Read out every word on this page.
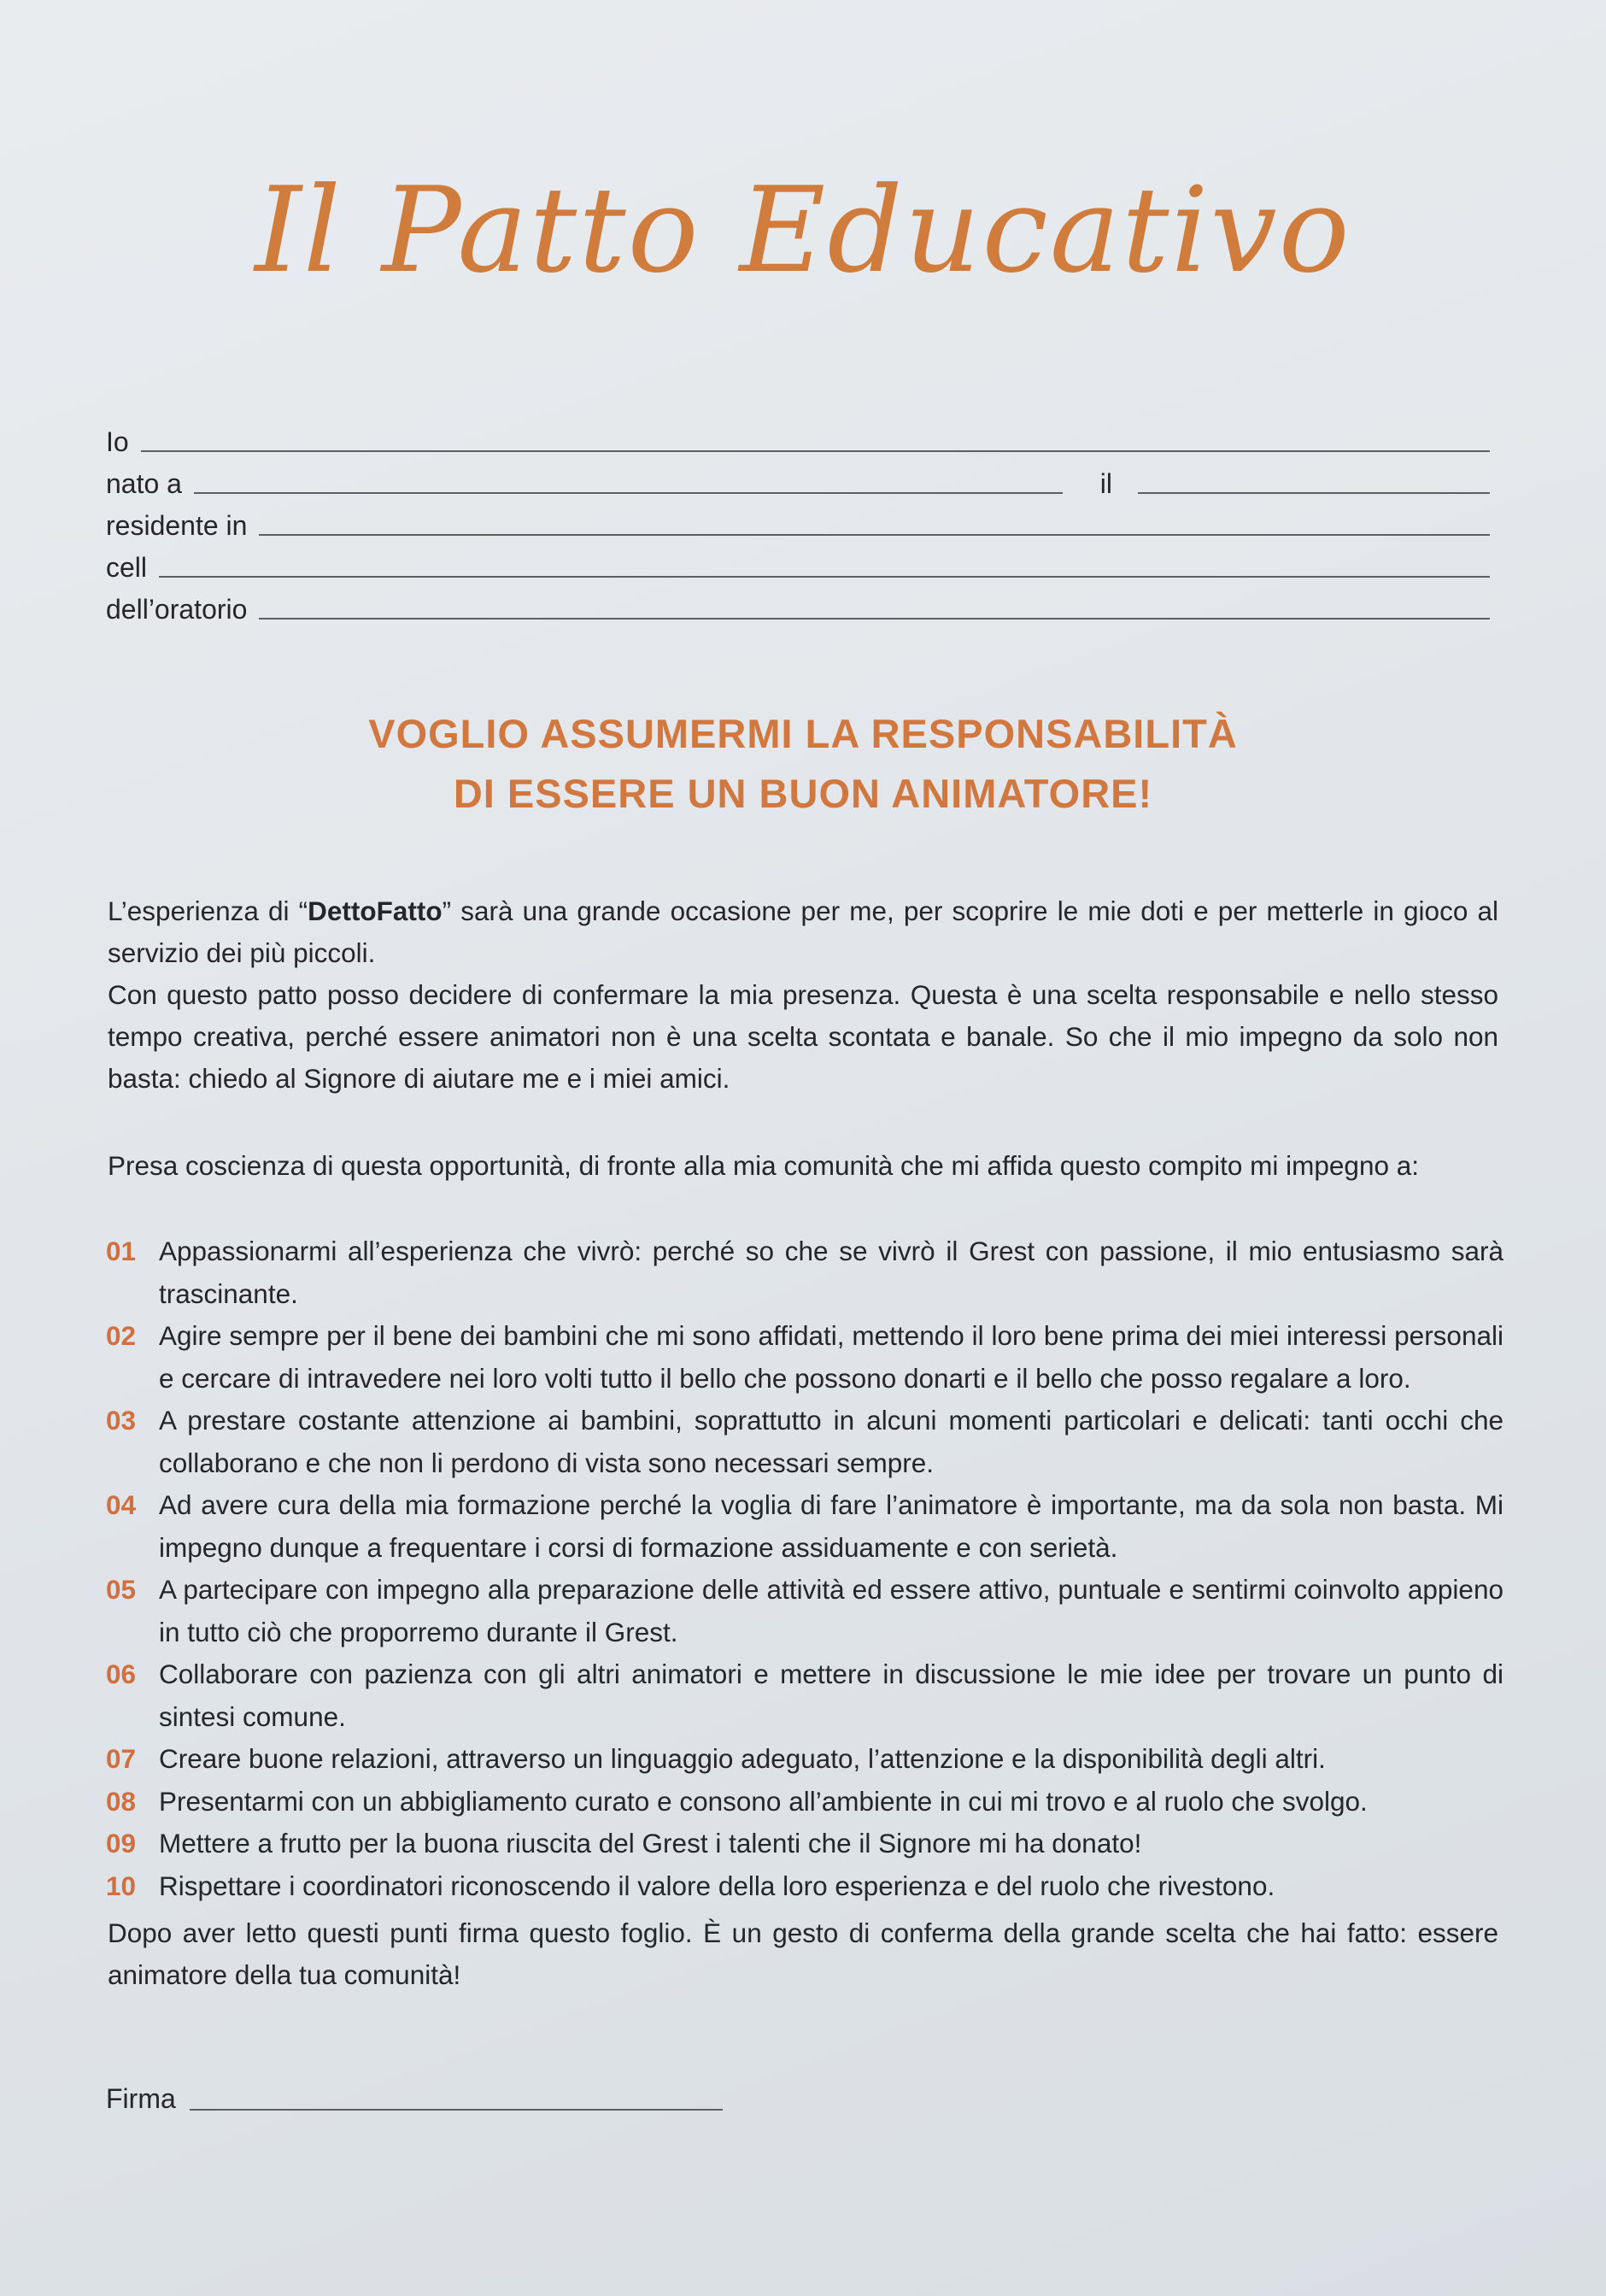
Il Patto Educativo
Io
nato a	il
residente in
cell
dell’oratorio
VOGLIO ASSUMERMI LA RESPONSABILITÀ
DI ESSERE UN BUON ANIMATORE!

L’esperienza di “DettoFatto” sarà una grande occasione per me, per scoprire le mie doti e per metterle in gioco al servizio dei più piccoli.

Con questo patto posso decidere di confermare la mia presenza. Questa è una scelta responsabile e nello stesso tempo creativa, perché essere animatori non è una scelta scontata e banale. So che il mio impegno da solo non basta: chiedo al Signore di aiutare me e i miei amici.

Presa coscienza di questa opportunità, di fronte alla mia comunità che mi affida questo compito mi impegno a:

01 Appassionarmi all’esperienza che vivrò: perché so che se vivrò il Grest con passione, il mio entusiasmo sarà trascinante.
02 Agire sempre per il bene dei bambini che mi sono affidati, mettendo il loro bene prima dei miei interessi personali e cercare di intravedere nei loro volti tutto il bello che possono donarti e il bello che posso regalare a loro.
03 A prestare costante attenzione ai bambini, soprattutto in alcuni momenti particolari e delicati: tanti occhi che collaborano e che non li perdono di vista sono necessari sempre.
04 Ad avere cura della mia formazione perché la voglia di fare l’animatore è importante, ma da sola non basta. Mi impegno dunque a frequentare i corsi di formazione assiduamente e con serietà.
05 A partecipare con impegno alla preparazione delle attività ed essere attivo, puntuale e sentirmi coinvolto appieno in tutto ciò che proporremo durante il Grest.
06 Collaborare con pazienza con gli altri animatori e mettere in discussione le mie idee per trovare un punto di sintesi comune.
07 Creare buone relazioni, attraverso un linguaggio adeguato, l’attenzione e la disponibilità degli altri.
08 Presentarmi con un abbigliamento curato e consono all’ambiente in cui mi trovo e al ruolo che svolgo.
09 Mettere a frutto per la buona riuscita del Grest i talenti che il Signore mi ha donato!
10 Rispettare i coordinatori riconoscendo il valore della loro esperienza e del ruolo che rivestono.

Dopo aver letto questi punti firma questo foglio. È un gesto di conferma della grande scelta che hai fatto: essere animatore della tua comunità!

Firma
